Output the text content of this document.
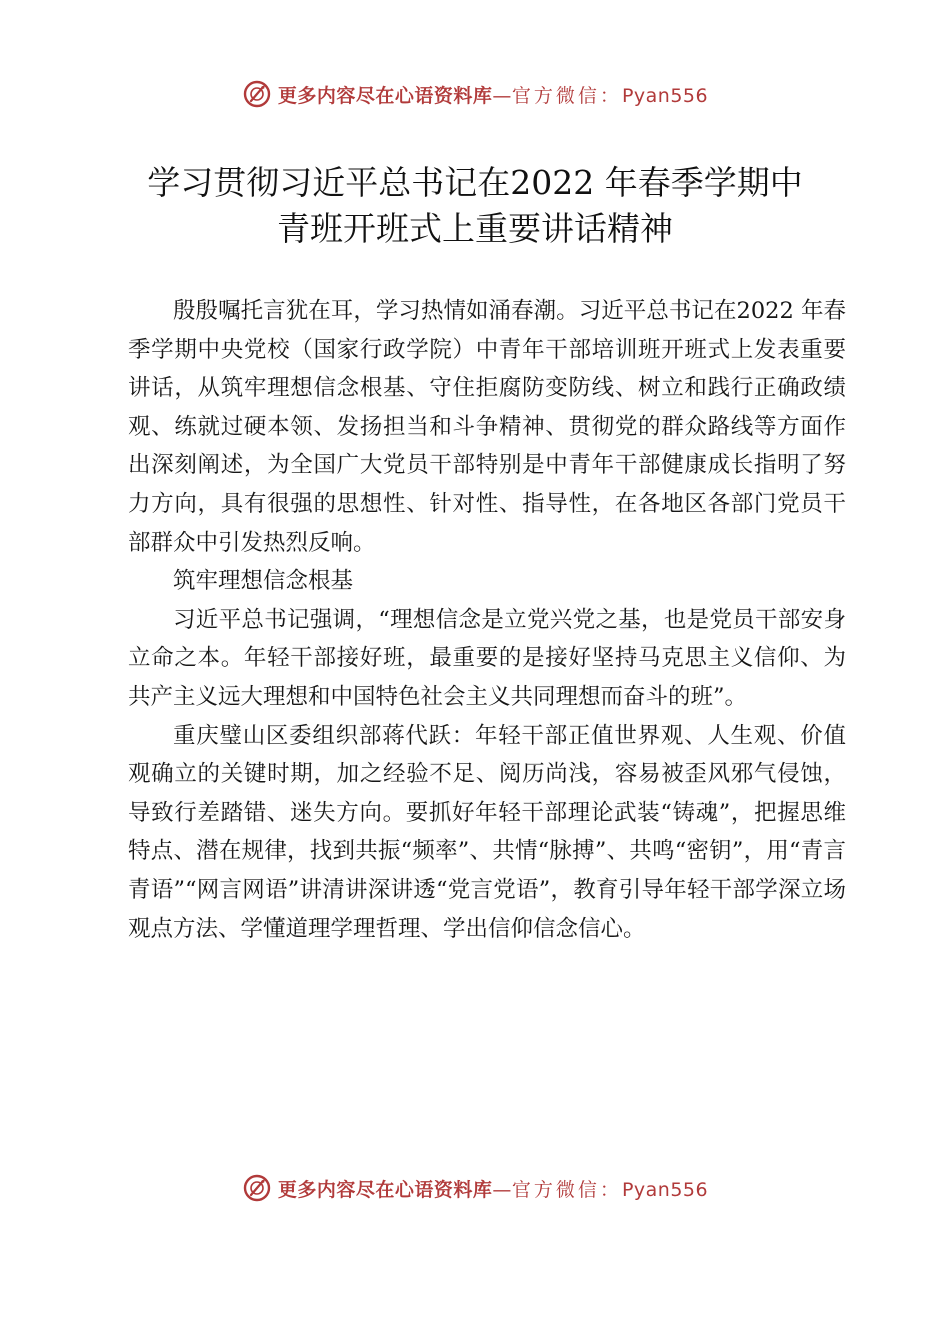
更多内容尽在心语资料库—官方微信：Pyan556
学习贯彻习近平总书记在2022 年春季学期中
青班开班式上重要讲话精神

殷殷嘱托言犹在耳，学习热情如涌春潮。习近平总书记在2022 年春季学期中央党校（国家行政学院）中青年干部培训班开班式上发表重要讲话，从筑牢理想信念根基、守住拒腐防变防线、树立和践行正确政绩观、练就过硬本领、发扬担当和斗争精神、贯彻党的群众路线等方面作出深刻阐述，为全国广大党员干部特别是中青年干部健康成长指明了努力方向，具有很强的思想性、针对性、指导性，在各地区各部门党员干部群众中引发热烈反响。

筑牢理想信念根基

习近平总书记强调，“理想信念是立党兴党之基，也是党员干部安身立命之本。年轻干部接好班，最重要的是接好坚持马克思主义信仰、为共产主义远大理想和中国特色社会主义共同理想而奋斗的班”。

重庆璧山区委组织部蒋代跃：年轻干部正值世界观、人生观、价值观确立的关键时期，加之经验不足、阅历尚浅，容易被歪风邪气侵蚀，导致行差踏错、迷失方向。要抓好年轻干部理论武装“铸魂”，把握思维特点、潜在规律，找到共振“频率”、共情“脉搏”、共鸣“密钥”，用“青言青语”“网言网语”讲清讲深讲透“党言党语”，教育引导年轻干部学深立场观点方法、学懂道理学理哲理、学出信仰信念信心。

更多内容尽在心语资料库—官方微信：Pyan556
